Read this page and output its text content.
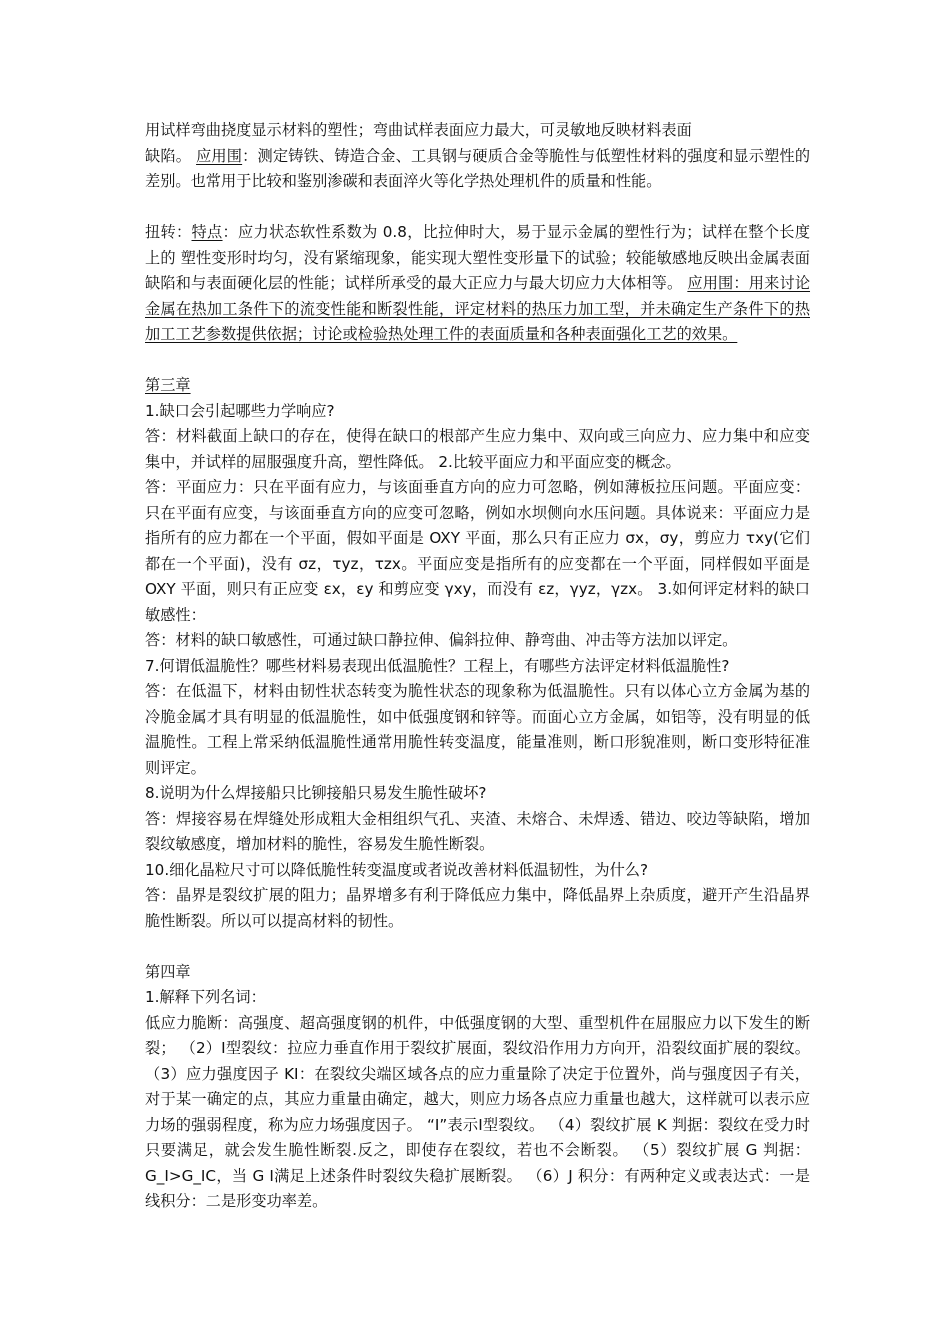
用试样弯曲挠度显示材料的塑性；弯曲试样表面应力最大，可灵敏地反映材料表面
缺陷。 应用围：测定铸铁、铸造合金、工具钢与硬质合金等脆性与低塑性材料的强度和显示塑性的差别。也常用于比较和鉴别渗碳和表面淬火等化学热处理机件的质量和性能。

扭转：特点：应力状态软性系数为 0.8，比拉伸时大，易于显示金属的塑性行为；试样在整个长度上的 塑性变形时均匀，没有紧缩现象，能实现大塑性变形量下的试验；较能敏感地反映出金属表面缺陷和与表面硬化层的性能；试样所承受的最大正应力与最大切应力大体相等。 应用围：用来讨论金属在热加工条件下的流变性能和断裂性能，评定材料的热压力加工型，并未确定生产条件下的热加工工艺参数提供依据；讨论或检验热处理工件的表面质量和各种表面强化工艺的效果。

第三章

1.缺口会引起哪些力学响应?

答：材料截面上缺口的存在，使得在缺口的根部产生应力集中、双向或三向应力、应力集中和应变集中，并试样的屈服强度升高，塑性降低。 2.比较平面应力和平面应变的概念。

答：平面应力：只在平面有应力，与该面垂直方向的应力可忽略，例如薄板拉压问题。平面应变：只在平面有应变，与该面垂直方向的应变可忽略，例如水坝侧向水压问题。具体说来：平面应力是指所有的应力都在一个平面，假如平面是 OXY 平面，那么只有正应力 σx，σy，剪应力 τxy(它们都在一个平面)，没有 σz，τyz，τzx。平面应变是指所有的应变都在一个平面，同样假如平面是 OXY 平面，则只有正应变 εx，εy 和剪应变 γxy，而没有 εz，γyz，γzx。 3.如何评定材料的缺口敏感性：

答：材料的缺口敏感性，可通过缺口静拉伸、偏斜拉伸、静弯曲、冲击等方法加以评定。

7.何谓低温脆性？哪些材料易表现出低温脆性？工程上，有哪些方法评定材料低温脆性?

答：在低温下，材料由韧性状态转变为脆性状态的现象称为低温脆性。只有以体心立方金属为基的冷脆金属才具有明显的低温脆性，如中低强度钢和锌等。而面心立方金属，如铝等，没有明显的低温脆性。工程上常采纳低温脆性通常用脆性转变温度，能量准则，断口形貌准则，断口变形特征准则评定。

8.说明为什么焊接船只比铆接船只易发生脆性破坏?

答：焊接容易在焊缝处形成粗大金相组织气孔、夹渣、未熔合、未焊透、错边、咬边等缺陷，增加裂纹敏感度，增加材料的脆性，容易发生脆性断裂。

10.细化晶粒尺寸可以降低脆性转变温度或者说改善材料低温韧性，为什么?

答：晶界是裂纹扩展的阻力；晶界增多有利于降低应力集中，降低晶界上杂质度，避开产生沿晶界脆性断裂。所以可以提高材料的韧性。

第四章

1.解释下列名词：

低应力脆断：高强度、超高强度钢的机件，中低强度钢的大型、重型机件在屈服应力以下发生的断裂； （2）Ⅰ型裂纹：拉应力垂直作用于裂纹扩展面，裂纹沿作用力方向开，沿裂纹面扩展的裂纹。 （3）应力强度因子 KI：在裂纹尖端区域各点的应力重量除了决定于位置外，尚与强度因子有关，对于某一确定的点，其应力重量由确定，越大，则应力场各点应力重量也越大，这样就可以表示应力场的强弱程度，称为应力场强度因子。 “I”表示Ⅰ型裂纹。 （4）裂纹扩展 K 判据：裂纹在受力时只要满足，就会发生脆性断裂.反之，即使存在裂纹，若也不会断裂。 （5）裂纹扩展 G 判据：G_I>G_IC，当 G Ⅰ满足上述条件时裂纹失稳扩展断裂。 （6）J 积分：有两种定义或表达式：一是线积分：二是形变功率差。
